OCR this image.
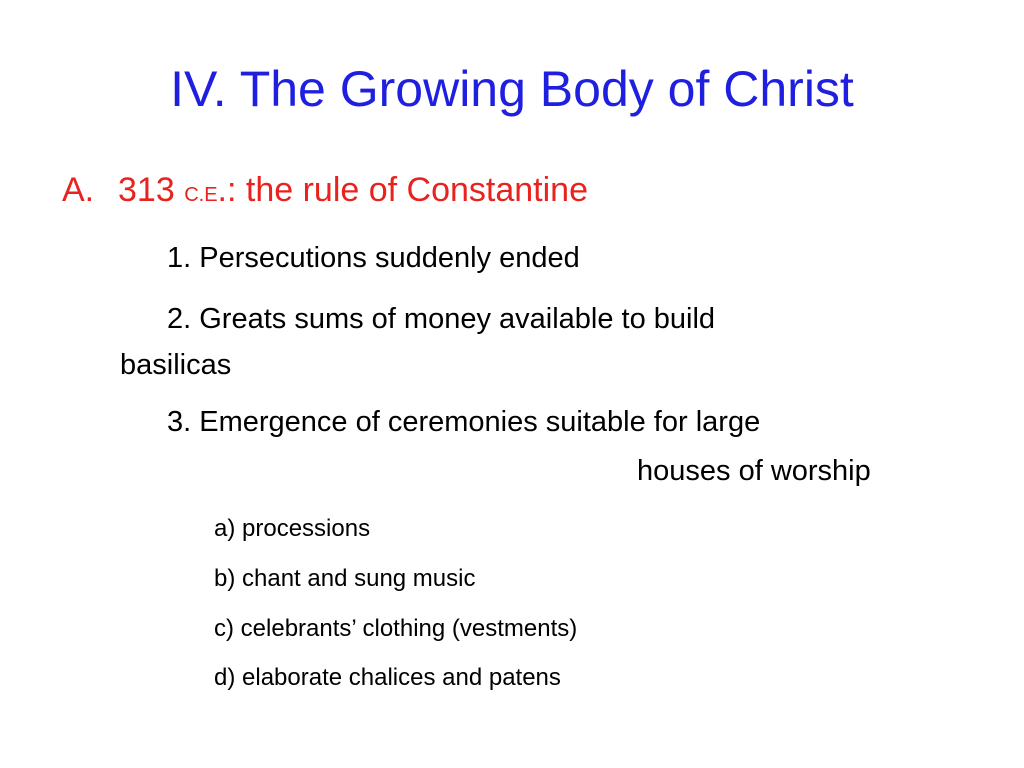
IV. The Growing Body of Christ
A. 313 C.E.: the rule of Constantine
1. Persecutions suddenly ended
2. Greats sums of money available to build
basilicas
3. Emergence of ceremonies suitable for large
houses of worship
a) processions
b) chant and sung music
c) celebrants’ clothing (vestments)
d) elaborate chalices and patens
